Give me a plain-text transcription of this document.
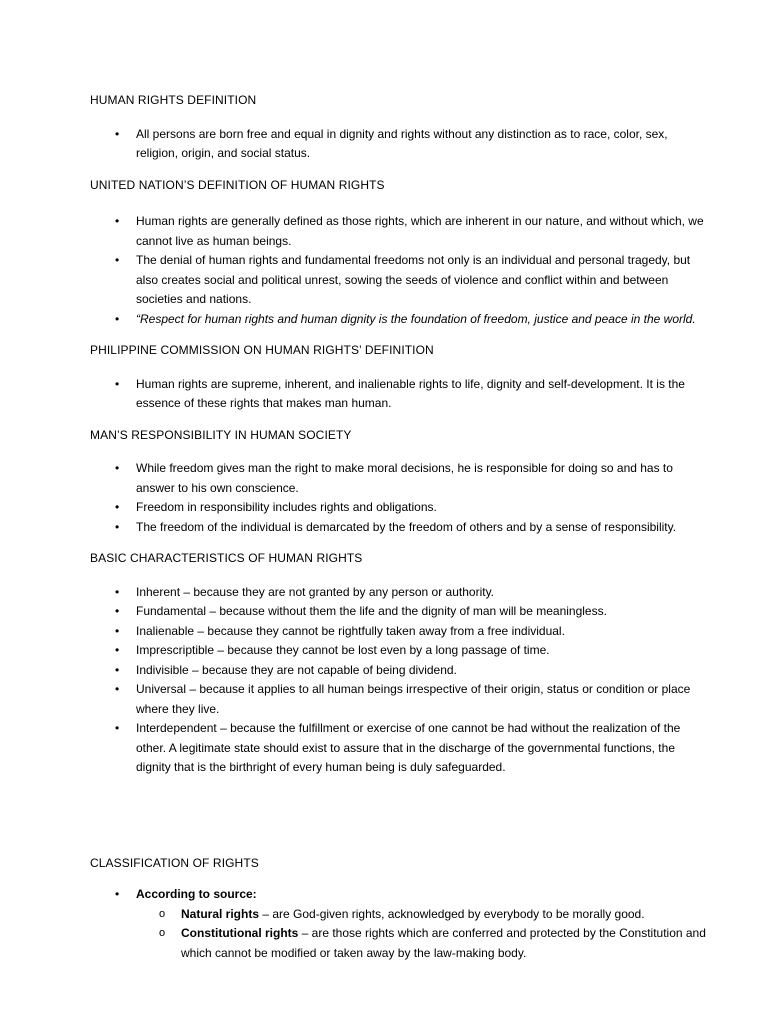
HUMAN RIGHTS DEFINITION

• All persons are born free and equal in dignity and rights without any distinction as to race, color, sex, religion, origin, and social status.

UNITED NATION’S DEFINITION OF HUMAN RIGHTS

• Human rights are generally defined as those rights, which are inherent in our nature, and without which, we cannot live as human beings.
• The denial of human rights and fundamental freedoms not only is an individual and personal tragedy, but also creates social and political unrest, sowing the seeds of violence and conflict within and between societies and nations.
• “Respect for human rights and human dignity is the foundation of freedom, justice and peace in the world.

PHILIPPINE COMMISSION ON HUMAN RIGHTS’ DEFINITION

• Human rights are supreme, inherent, and inalienable rights to life, dignity and self-development. It is the essence of these rights that makes man human.

MAN’S RESPONSIBILITY IN HUMAN SOCIETY

• While freedom gives man the right to make moral decisions, he is responsible for doing so and has to answer to his own conscience.
• Freedom in responsibility includes rights and obligations.
• The freedom of the individual is demarcated by the freedom of others and by a sense of responsibility.

BASIC CHARACTERISTICS OF HUMAN RIGHTS

• Inherent – because they are not granted by any person or authority.
• Fundamental – because without them the life and the dignity of man will be meaningless.
• Inalienable – because they cannot be rightfully taken away from a free individual.
• Imprescriptible – because they cannot be lost even by a long passage of time.
• Indivisible – because they are not capable of being dividend.
• Universal – because it applies to all human beings irrespective of their origin, status or condition or place where they live.
• Interdependent – because the fulfillment or exercise of one cannot be had without the realization of the other. A legitimate state should exist to assure that in the discharge of the governmental functions, the dignity that is the birthright of every human being is duly safeguarded.

CLASSIFICATION OF RIGHTS

• According to source:
o Natural rights – are God-given rights, acknowledged by everybody to be morally good.
o Constitutional rights – are those rights which are conferred and protected by the Constitution and which cannot be modified or taken away by the law-making body.
